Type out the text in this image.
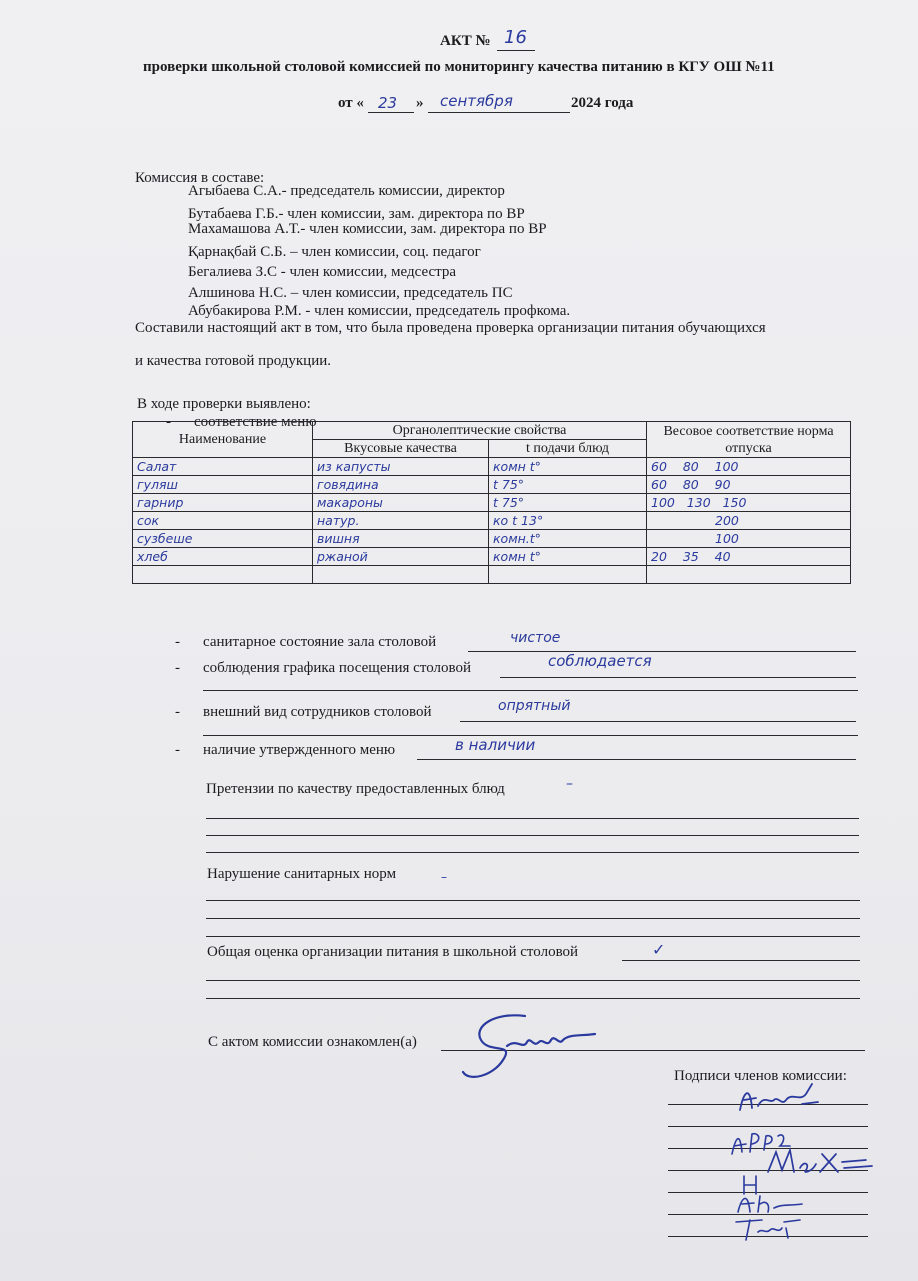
АКТ № 16
проверки школьной столовой комиссией по мониторингу качества питанию в КГУ ОШ №11
от « 23 » сентября	2024 года
Комиссия в составе:
Агыбаева С.А.- председатель комиссии, директор
Бутабаева Г.Б.- член комиссии, зам. директора по ВР
Махамашова А.Т.- член комиссии, зам. директора по ВР
Қарнақбай С.Б. – член комиссии, соц. педагог
Бегалиева З.С - член комиссии, медсестра
Алшинова Н.С. – член комиссии, председатель ПС
Абубакирова Р.М. - член комиссии, председатель профкома.
Составили настоящий акт в том, что была проведена проверка организации питания обучающихся
и качества готовой продукции.
В ходе проверки выявлено:
- соответствие меню
Наименование	Органолептические свойства		Весовое соответствие норма отпуска
	Вкусовые качества	t подачи блюд	
Салат	из капусты	комн t°	60    80    100
гуляш	говядина	t 75°	60    80    90
гарнир	макароны	t 75°	100   130   150
сок	натур.	ко t 13°	200
сузбеше	вишня	комн.t°	100
хлеб	ржаной	комн t°	20    35    40

- санитарное состояние зала столовой	чистое
- соблюдения графика посещения столовой	соблюдается
- внешний вид сотрудников столовой	опрятный
- наличие утвержденного меню	в наличии
Претензии по качеству предоставленных блюд	–
Нарушение санитарных норм	–
Общая оценка организации питания в школьной столовой	✓
С актом комиссии ознакомлен(а)
Подписи членов комиссии:
